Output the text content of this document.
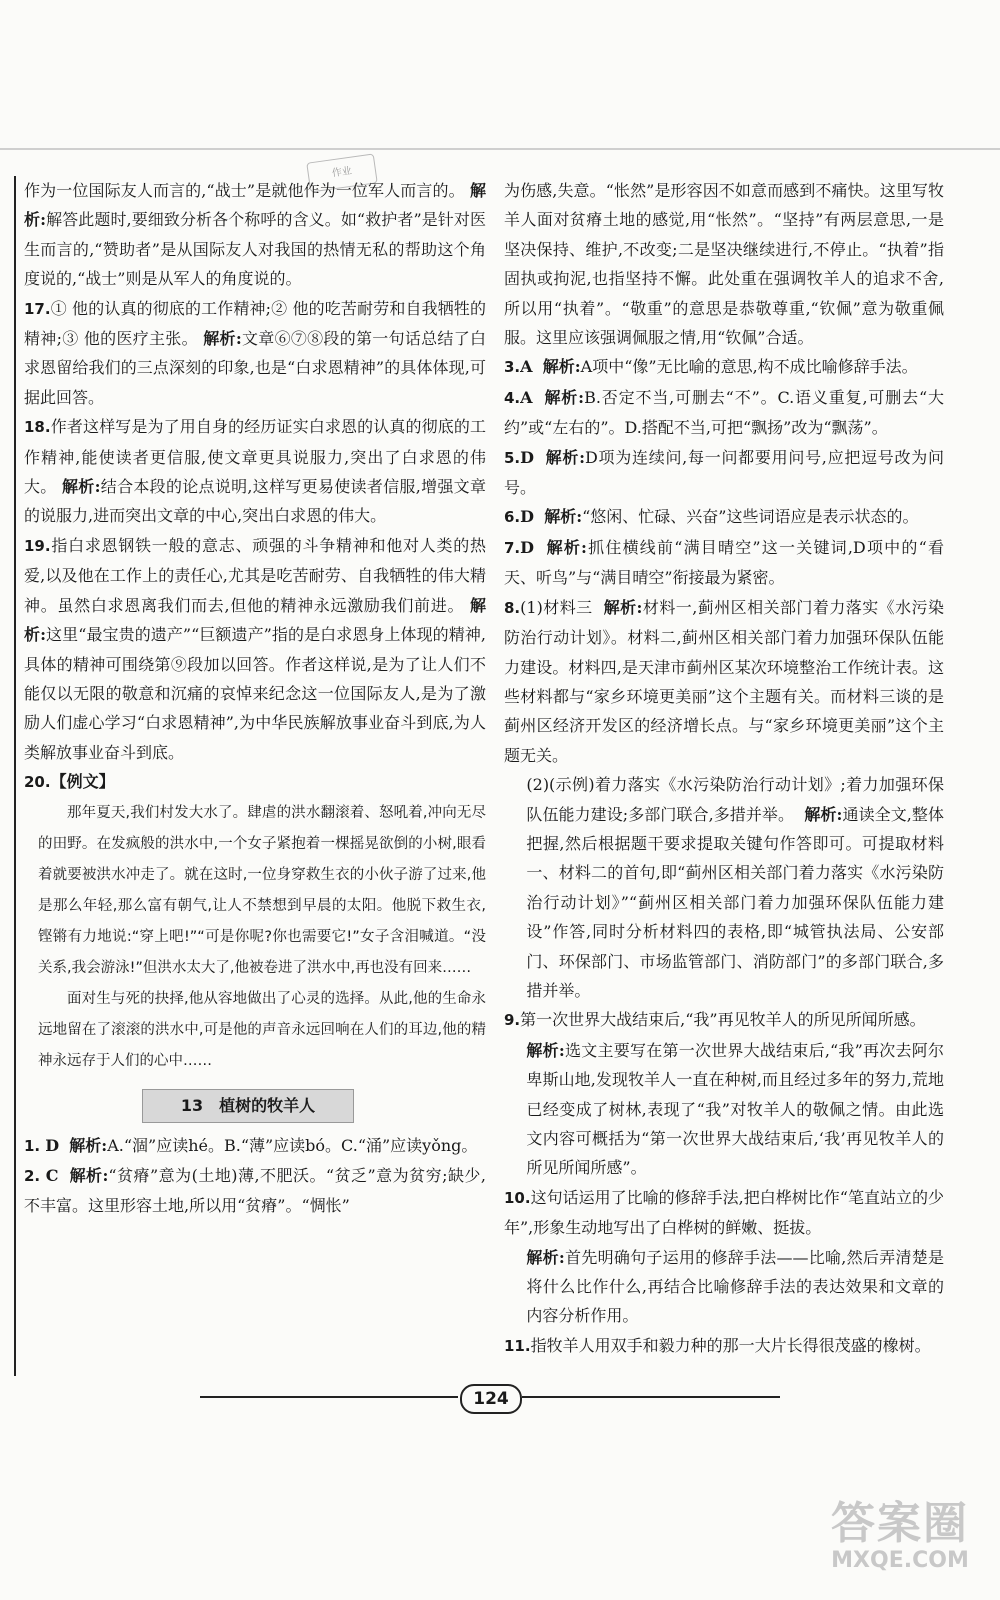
作业

作为一位国际友人而言的,“战士”是就他作为一位军人而言的。 解析:解答此题时,要细致分析各个称呼的含义。如“救护者”是针对医生而言的,“赞助者”是从国际友人对我国的热情无私的帮助这个角度说的,“战士”则是从军人的角度说的。

17.① 他的认真的彻底的工作精神;② 他的吃苦耐劳和自我牺牲的精神;③ 他的医疗主张。 解析:文章⑥⑦⑧段的第一句话总结了白求恩留给我们的三点深刻的印象,也是“白求恩精神”的具体体现,可据此回答。

18.作者这样写是为了用自身的经历证实白求恩的认真的彻底的工作精神,能使读者更信服,使文章更具说服力,突出了白求恩的伟大。 解析:结合本段的论点说明,这样写更易使读者信服,增强文章的说服力,进而突出文章的中心,突出白求恩的伟大。

19.指白求恩钢铁一般的意志、顽强的斗争精神和他对人类的热爱,以及他在工作上的责任心,尤其是吃苦耐劳、自我牺牲的伟大精神。虽然白求恩离我们而去,但他的精神永远激励我们前进。 解析:这里“最宝贵的遗产”“巨额遗产”指的是白求恩身上体现的精神,具体的精神可围绕第⑨段加以回答。作者这样说,是为了让人们不能仅以无限的敬意和沉痛的哀悼来纪念这一位国际友人,是为了激励人们虚心学习“白求恩精神”,为中华民族解放事业奋斗到底,为人类解放事业奋斗到底。

20.【例文】

那年夏天,我们村发大水了。肆虐的洪水翻滚着、怒吼着,冲向无尽的田野。在发疯般的洪水中,一个女子紧抱着一棵摇晃欲倒的小树,眼看着就要被洪水冲走了。就在这时,一位身穿救生衣的小伙子游了过来,他是那么年轻,那么富有朝气,让人不禁想到早晨的太阳。他脱下救生衣,铿锵有力地说:“穿上吧!”“可是你呢?你也需要它!”女子含泪喊道。“没关系,我会游泳!”但洪水太大了,他被卷进了洪水中,再也没有回来……

面对生与死的抉择,他从容地做出了心灵的选择。从此,他的生命永远地留在了滚滚的洪水中,可是他的声音永远回响在人们的耳边,他的精神永远存于人们的心中……

13 植树的牧羊人

1. D 解析:A.“涸”应读hé。B.“薄”应读bó。C.“涌”应读yǒng。

2. C 解析:“贫瘠”意为(土地)薄,不肥沃。“贫乏”意为贫穷;缺少,不丰富。这里形容土地,所以用“贫瘠”。“惆怅”

为伤感,失意。“怅然”是形容因不如意而感到不痛快。这里写牧羊人面对贫瘠土地的感觉,用“怅然”。“坚持”有两层意思,一是坚决保持、维护,不改变;二是坚决继续进行,不停止。“执着”指固执或拘泥,也指坚持不懈。此处重在强调牧羊人的追求不舍,所以用“执着”。“敬重”的意思是恭敬尊重,“钦佩”意为敬重佩服。这里应该强调佩服之情,用“钦佩”合适。

3.A 解析:A项中“像”无比喻的意思,构不成比喻修辞手法。

4.A 解析:B.否定不当,可删去“不”。C.语义重复,可删去“大约”或“左右的”。D.搭配不当,可把“飘扬”改为“飘荡”。

5.D 解析:D项为连续问,每一问都要用问号,应把逗号改为问号。

6.D 解析:“悠闲、忙碌、兴奋”这些词语应是表示状态的。

7.D 解析:抓住横线前“满目晴空”这一关键词,D项中的“看天、听鸟”与“满目晴空”衔接最为紧密。

8.(1)材料三 解析:材料一,蓟州区相关部门着力落实《水污染防治行动计划》。材料二,蓟州区相关部门着力加强环保队伍能力建设。材料四,是天津市蓟州区某次环境整治工作统计表。这些材料都与“家乡环境更美丽”这个主题有关。而材料三谈的是蓟州区经济开发区的经济增长点。与“家乡环境更美丽”这个主题无关。

(2)(示例)着力落实《水污染防治行动计划》;着力加强环保队伍能力建设;多部门联合,多措并举。 解析:通读全文,整体把握,然后根据题干要求提取关键句作答即可。可提取材料一、材料二的首句,即“蓟州区相关部门着力落实《水污染防治行动计划》”“蓟州区相关部门着力加强环保队伍能力建设”作答,同时分析材料四的表格,即“城管执法局、公安部门、环保部门、市场监管部门、消防部门”的多部门联合,多措并举。

9.第一次世界大战结束后,“我”再见牧羊人的所见所闻所感。

解析:选文主要写在第一次世界大战结束后,“我”再次去阿尔卑斯山地,发现牧羊人一直在种树,而且经过多年的努力,荒地已经变成了树林,表现了“我”对牧羊人的敬佩之情。由此选文内容可概括为“第一次世界大战结束后,‘我’再见牧羊人的所见所闻所感”。

10.这句话运用了比喻的修辞手法,把白桦树比作“笔直站立的少年”,形象生动地写出了白桦树的鲜嫩、挺拔。

解析:首先明确句子运用的修辞手法——比喻,然后弄清楚是将什么比作什么,再结合比喻修辞手法的表达效果和文章的内容分析作用。

11.指牧羊人用双手和毅力种的那一大片长得很茂盛的橡树。

124
答案圈
MXQE.COM
